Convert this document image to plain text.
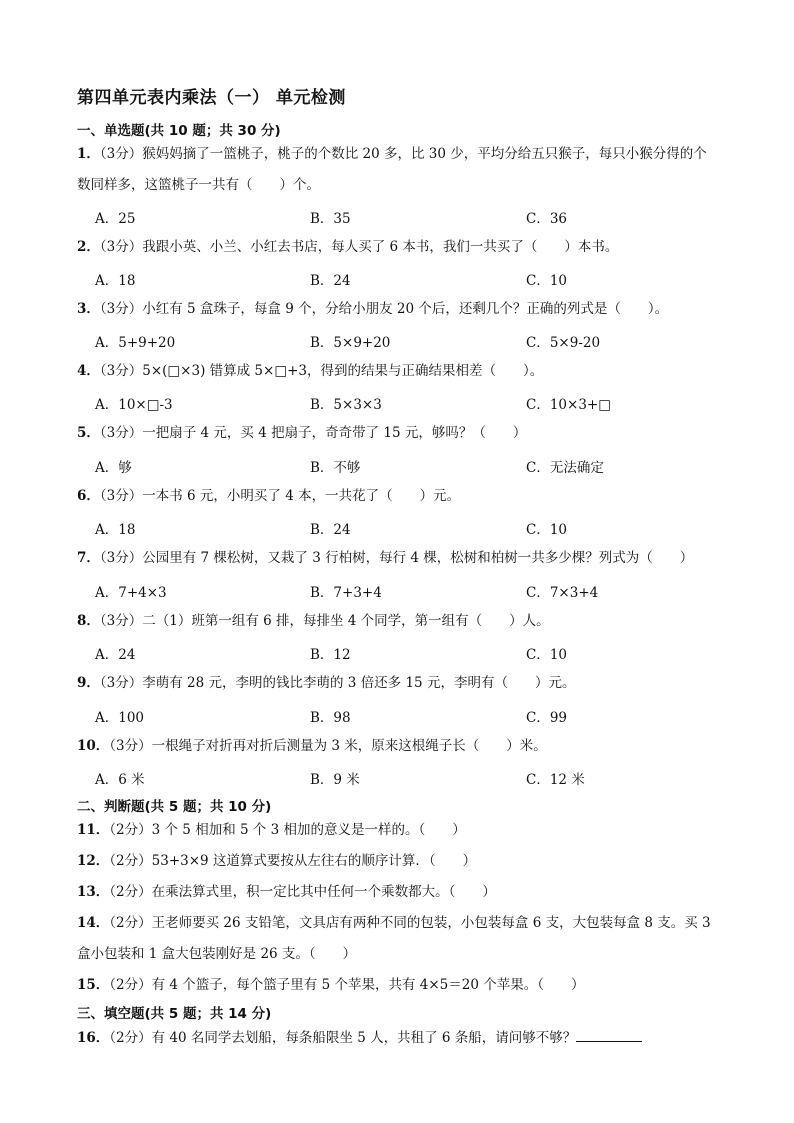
第四单元表内乘法（一） 单元检测
一、单选题(共 10 题；共 30 分)
1．（3分）猴妈妈摘了一篮桃子，桃子的个数比 20 多，比 30 少，平均分给五只猴子，每只小猴分得的个
数同样多，这篮桃子一共有（　　）个。
A．25	B．35	C．36
2．（3分）我跟小英、小兰、小红去书店，每人买了 6 本书，我们一共买了（　　）本书。
A．18	B．24	C．10
3．（3分）小红有 5 盒珠子，每盒 9 个，分给小朋友 20 个后，还剩几个？正确的列式是（　　）。
A．5+9+20	B．5×9+20	C．5×9-20
4．（3分）5×(□×3) 错算成 5×□+3，得到的结果与正确结果相差（　　）。
A．10×□-3	B．5×3×3	C．10×3+□
5．（3分）一把扇子 4 元，买 4 把扇子，奇奇带了 15 元，够吗？（　　）
A．够	B．不够	C．无法确定
6．（3分）一本书 6 元，小明买了 4 本，一共花了（　　）元。
A．18	B．24	C．10
7．（3分）公园里有 7 棵松树，又栽了 3 行柏树，每行 4 棵，松树和柏树一共多少棵？列式为（　　）
A．7+4×3	B．7+3+4	C．7×3+4
8．（3分）二（1）班第一组有 6 排，每排坐 4 个同学，第一组有（　　）人。
A．24	B．12	C．10
9．（3分）李萌有 28 元，李明的钱比李萌的 3 倍还多 15 元，李明有（　　）元。
A．100	B．98	C．99
10．（3分）一根绳子对折再对折后测量为 3 米，原来这根绳子长（　　）米。
A．6 米	B．9 米	C．12 米
二、判断题(共 5 题；共 10 分)
11．（2分）3 个 5 相加和 5 个 3 相加的意义是一样的。（　　）
12．（2分）53+3×9 这道算式要按从左往右的顺序计算．（　　）
13．（2分）在乘法算式里，积一定比其中任何一个乘数都大。（　　）
14．（2分）王老师要买 26 支铅笔，文具店有两种不同的包装，小包装每盒 6 支，大包装每盒 8 支。买 3
盒小包装和 1 盒大包装刚好是 26 支。（　　）
15．（2分）有 4 个篮子，每个篮子里有 5 个苹果，共有 4×5＝20 个苹果。（　　）
三、填空题(共 5 题；共 14 分)
16．（2分）有 40 名同学去划船，每条船限坐 5 人，共租了 6 条船，请问够不够？
